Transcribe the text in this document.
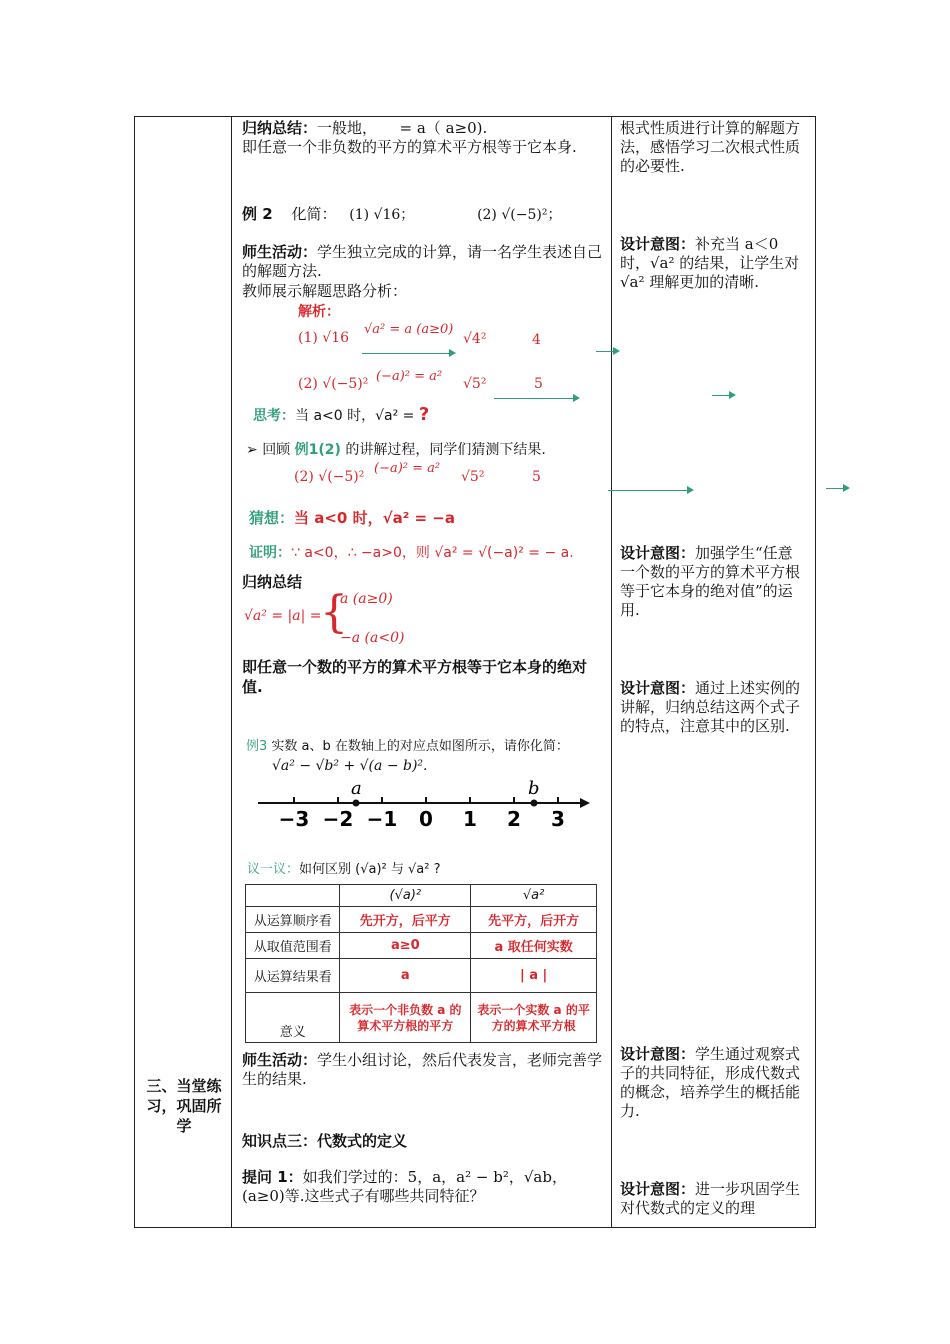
三、当堂练习，巩固所学
归纳总结：一般地，　　= a（ a≥0).
即任意一个非负数的平方的算术平方根等于它本身.
例 2 化简： (1) √16；	(2) √(−5)²；
师生活动：学生独立完成的计算，请一名学生表述自己的解题方法.
教师展示解题思路分析：
解析：
(1) √16
√a² = a (a≥0)

√4²
	4
(2) √(−5)² (−a)² = a²
√5²
	5
思考：当 a<0 时，√a² = ?
➢ 回顾 例1(2) 的讲解过程，同学们猜测下结果.
(2) √(−5)²
(−a)² = a²

√5²	5
猜想：当 a<0 时，√a² = −a
证明：∵ a<0，∴ −a>0，则 √a² = √(−a)² = − a.
归纳总结
√a² = |a| =
{
a (a≥0)
−a (a<0)
即任意一个数的平方的算术平方根等于它本身的绝对值.
例3 实数 a、b 在数轴上的对应点如图所示，请你化简：
√a² − √b² + √(a − b)².
−3 −2 −1 0 1 2 3
a	b
议一议：如何区别 (√a)² 与 √a² ?
	(√a)²	√a²
从运算顺序看	先开方，后平方	先平方，后开方
从取值范围看	a≥0	a 取任何实数
从运算结果看	a	| a |
意义	表示一个非负数 a 的算术平方根的平方	表示一个实数 a 的平方的算术平方根
师生活动：学生小组讨论，然后代表发言，老师完善学生的结果.
知识点三：代数式的定义
提问 1：如我们学过的：5，a，a² − b²，√ab，(a≥0)等.这些式子有哪些共同特征？
根式性质进行计算的解题方法，感悟学习二次根式性质的必要性.
设计意图：补充当 a＜0 时，√a² 的结果，让学生对√a² 理解更加的清晰.
设计意图：加强学生“任意一个数的平方的算术平方根等于它本身的绝对值”的运用.
设计意图：通过上述实例的讲解，归纳总结这两个式子的特点，注意其中的区别.
设计意图：学生通过观察式子的共同特征，形成代数式的概念，培养学生的概括能力.
设计意图：进一步巩固学生对代数式的定义的理
